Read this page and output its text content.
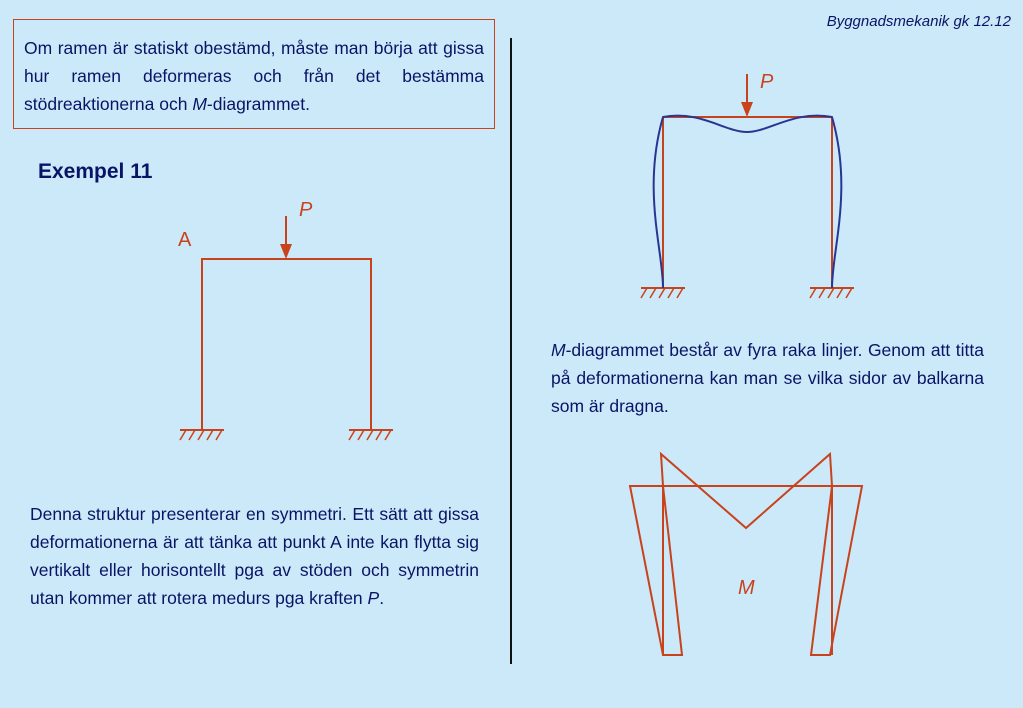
Byggnadsmekanik gk 12.12
Om ramen är statiskt obestämd, måste man börja att gissa hur ramen deformeras och från det bestämma stödreaktionerna och M-diagrammet.
Exempel 11
P
A
P
M-diagrammet består av fyra raka linjer. Genom att titta på deformationerna kan man se vilka sidor av balkarna som är dragna.
M
Denna struktur presenterar en symmetri. Ett sätt att gissa deformationerna är att tänka att punkt A inte kan flytta sig vertikalt eller horisontellt pga av stöden och symmetrin utan kommer att rotera medurs pga kraften P.
